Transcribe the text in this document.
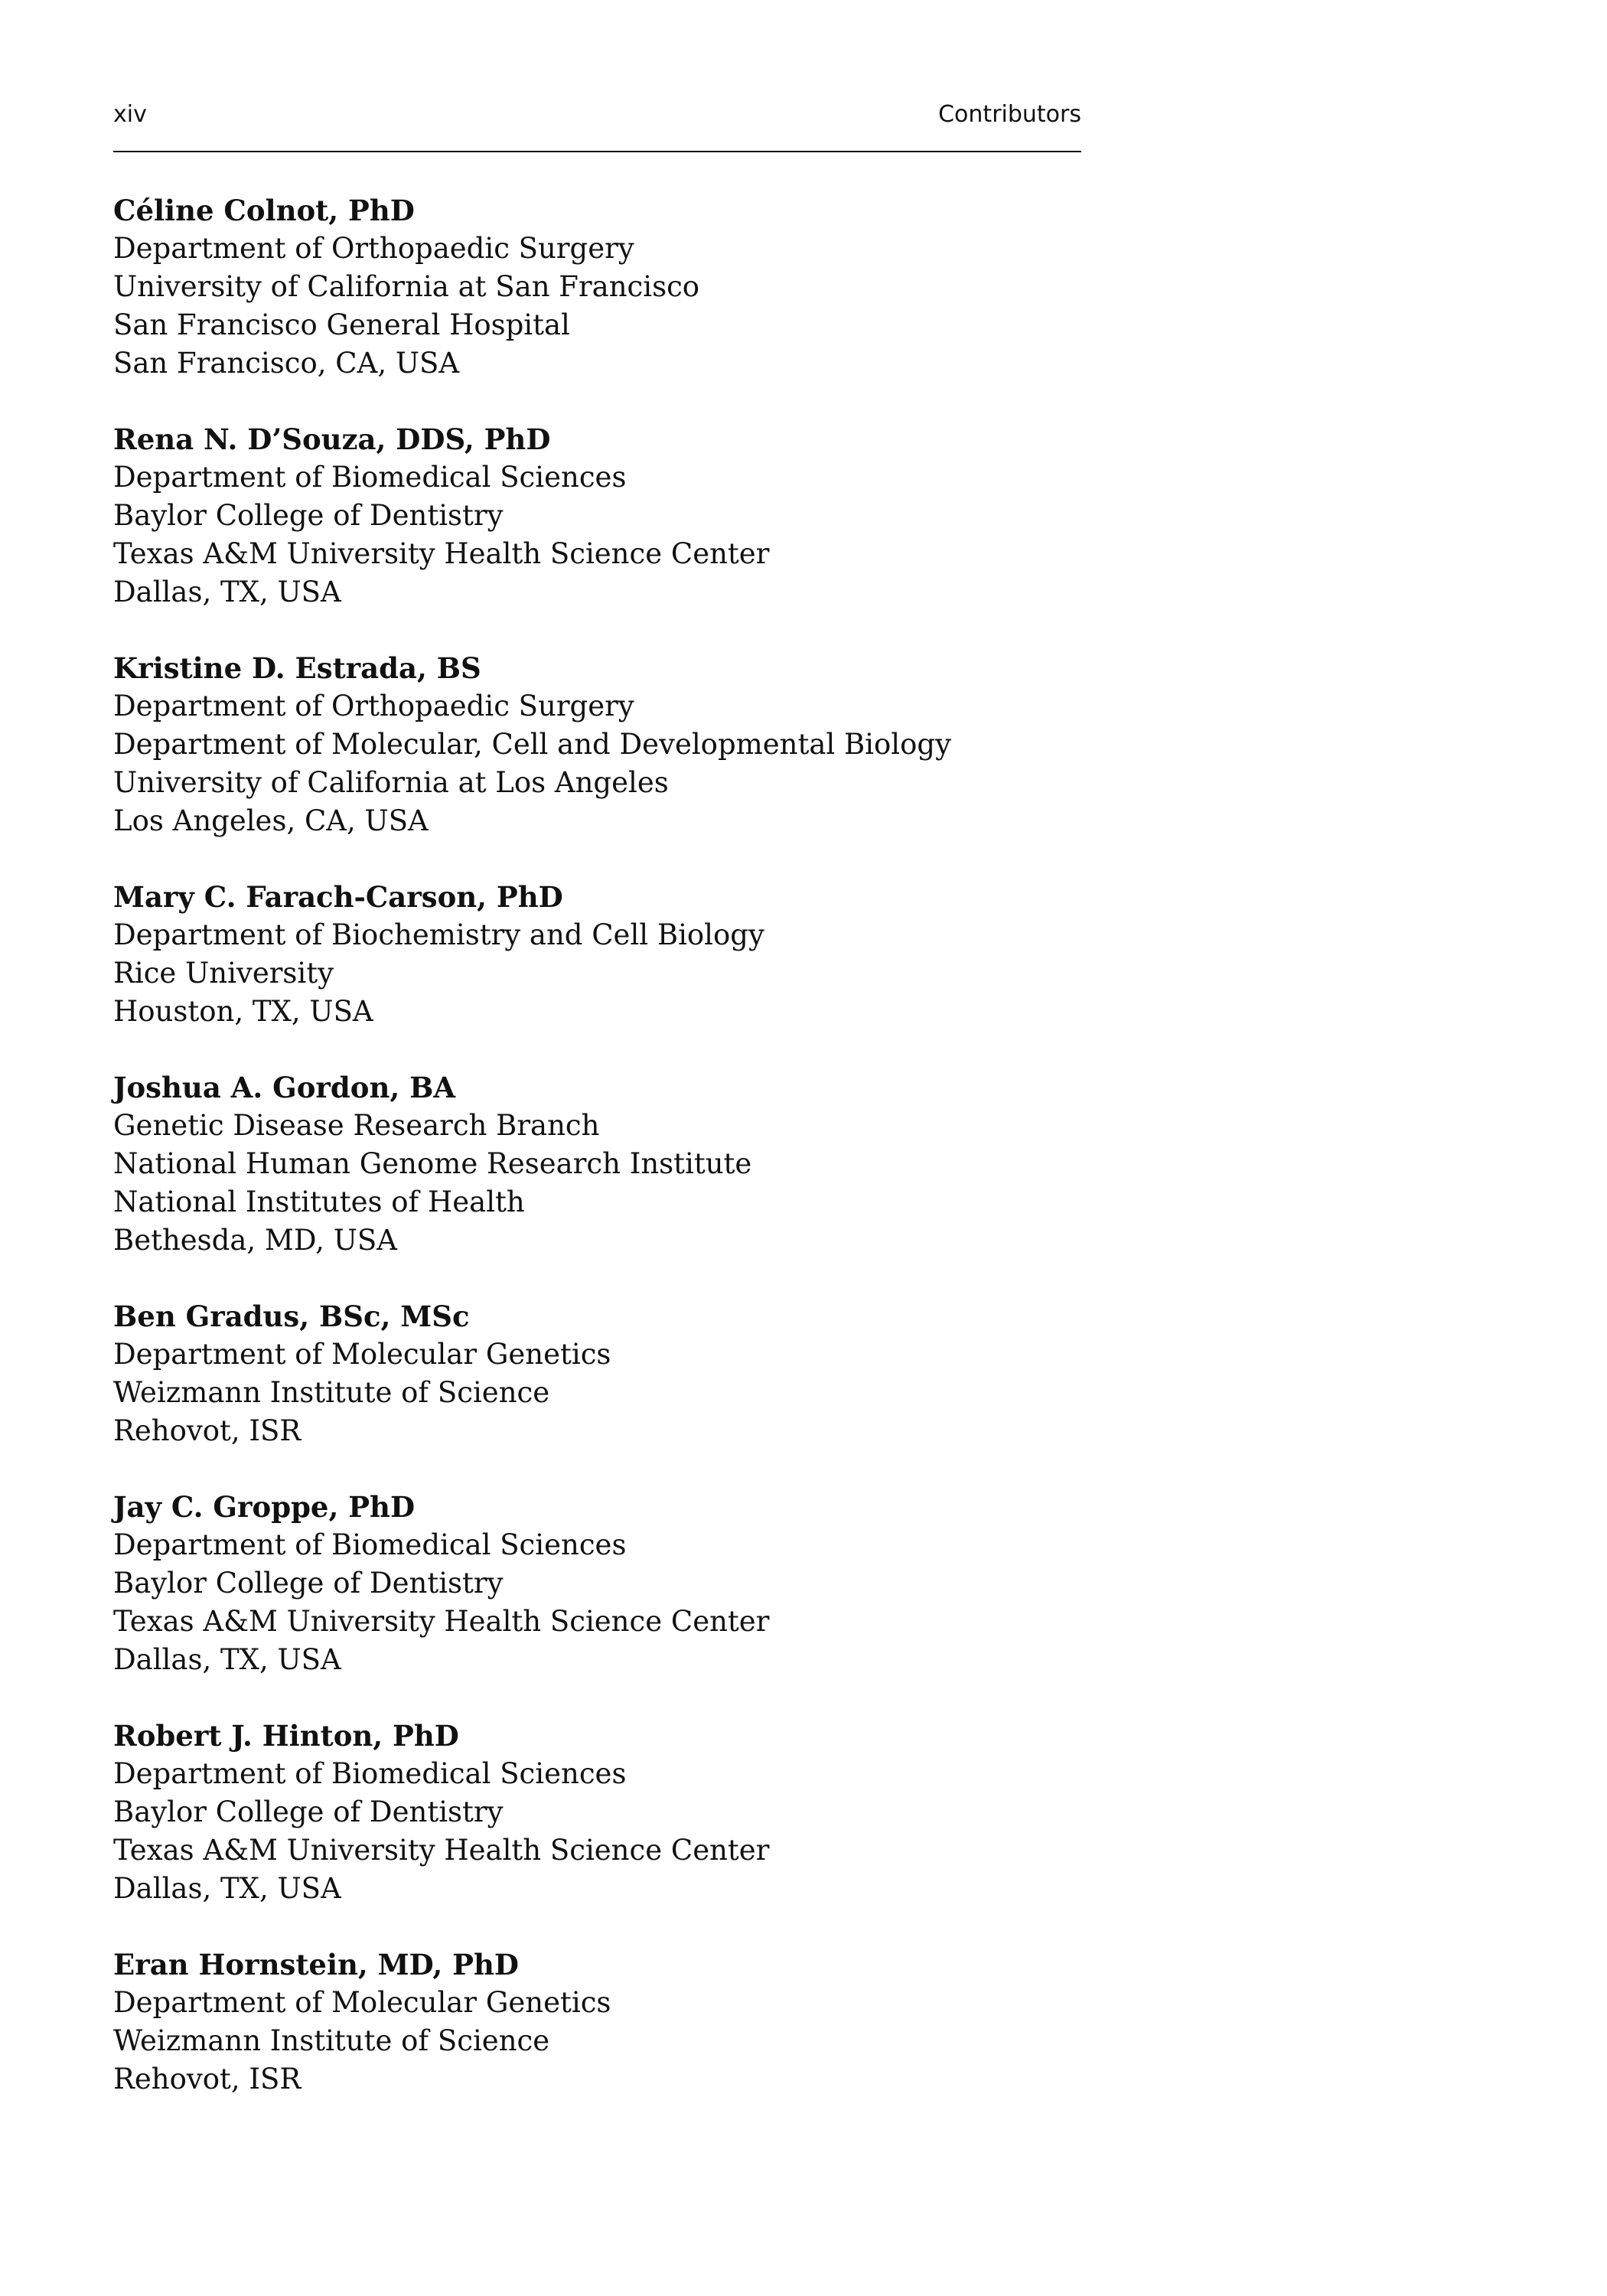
xiv	Contributors
Céline Colnot, PhD
Department of Orthopaedic Surgery
University of California at San Francisco
San Francisco General Hospital
San Francisco, CA, USA
Rena N. D’Souza, DDS, PhD
Department of Biomedical Sciences
Baylor College of Dentistry
Texas A&M University Health Science Center
Dallas, TX, USA
Kristine D. Estrada, BS
Department of Orthopaedic Surgery
Department of Molecular, Cell and Developmental Biology
University of California at Los Angeles
Los Angeles, CA, USA
Mary C. Farach-Carson, PhD
Department of Biochemistry and Cell Biology
Rice University
Houston, TX, USA
Joshua A. Gordon, BA
Genetic Disease Research Branch
National Human Genome Research Institute
National Institutes of Health
Bethesda, MD, USA
Ben Gradus, BSc, MSc
Department of Molecular Genetics
Weizmann Institute of Science
Rehovot, ISR
Jay C. Groppe, PhD
Department of Biomedical Sciences
Baylor College of Dentistry
Texas A&M University Health Science Center
Dallas, TX, USA
Robert J. Hinton, PhD
Department of Biomedical Sciences
Baylor College of Dentistry
Texas A&M University Health Science Center
Dallas, TX, USA
Eran Hornstein, MD, PhD
Department of Molecular Genetics
Weizmann Institute of Science
Rehovot, ISR
